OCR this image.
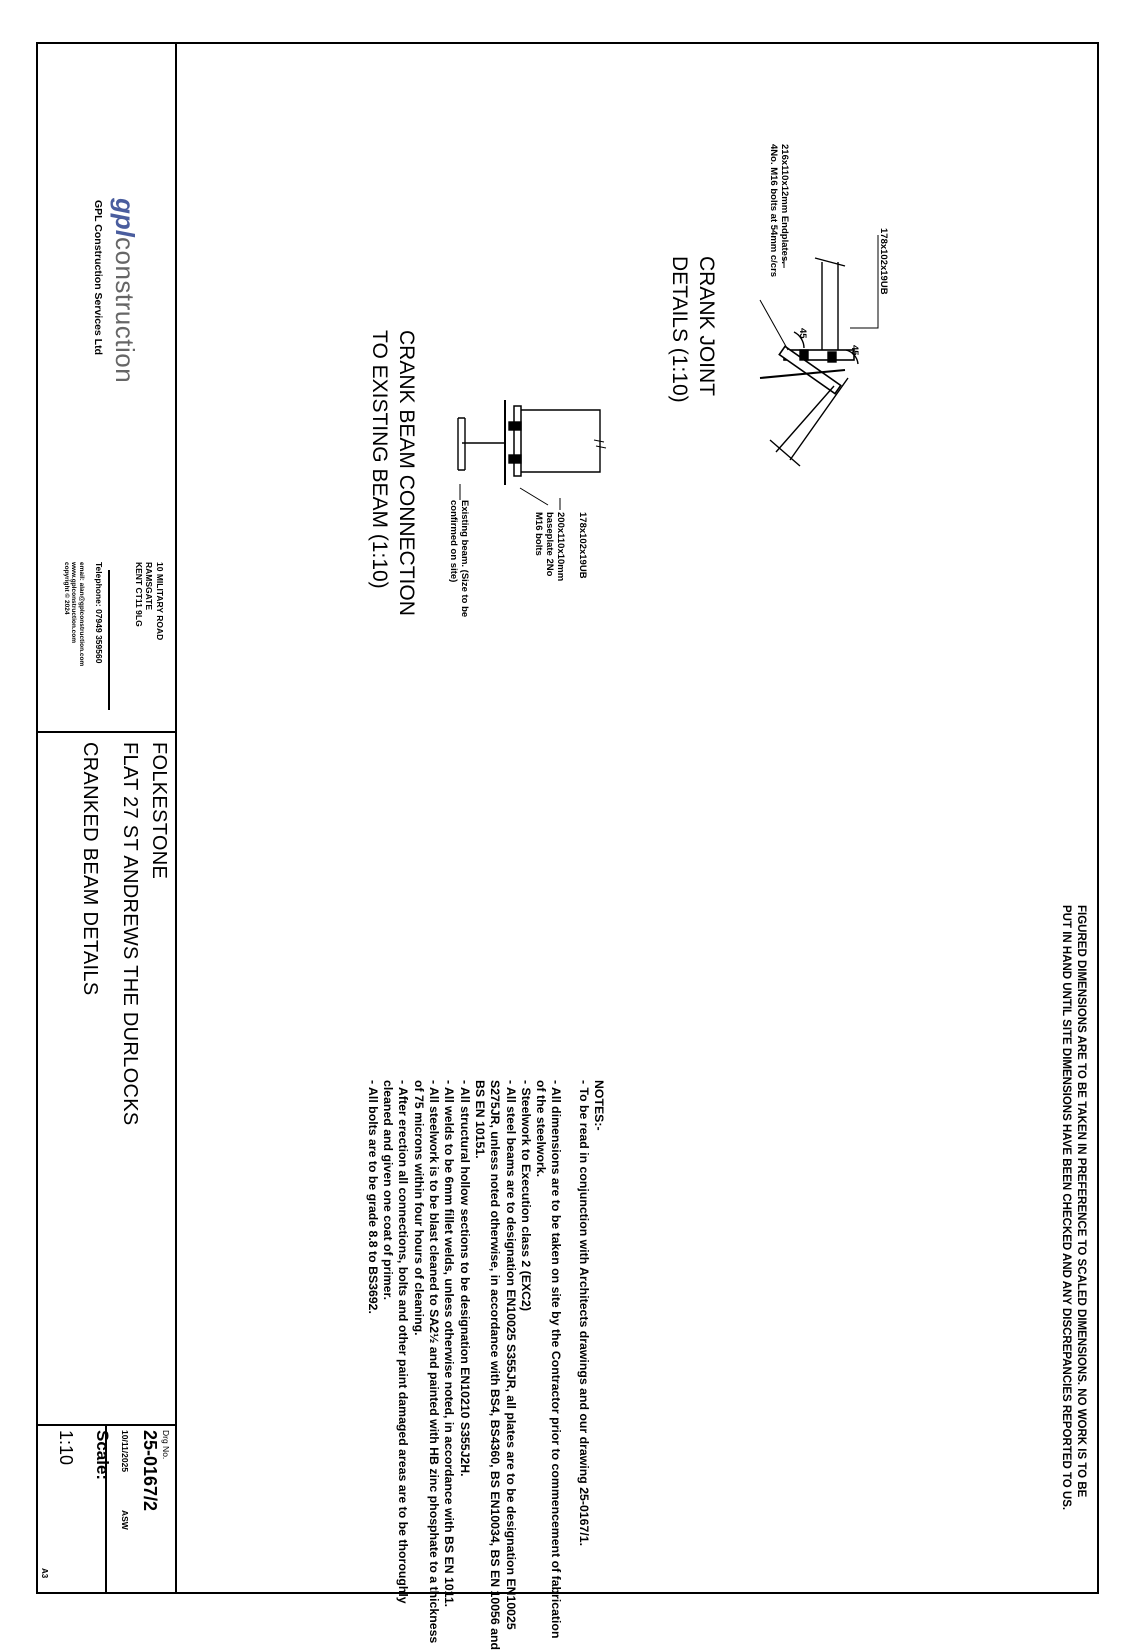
FIGURED DIMENSIONS ARE TO BE TAKEN IN PREFERENCE TO SCALED DIMENSIONS. NO WORK IS TO BE
PUT IN HAND UNTIL SITE DIMENSIONS HAVE BEEN CHECKED AND ANY DISCREPANCIES REPORTED TO US.

NOTES:-

- To be read in conjunction with Architects drawings and our drawing 25-0167/1.

- All dimensions are to be taken on site by the Contractor prior to commencement of fabrication of the steelwork.

- Steelwork to Execution class 2 (EXC2)

- All steel beams are to designation EN10025 S355JR, all plates are to be designation EN10025 S275JR, unless noted otherwise, in accordance with BS4, BS4360, BS EN10034, BS EN 10056 and BS EN 10151.

- All structural hollow sections to be designation EN10210 S355J2H.

- All welds to be 6mm fillet welds, unless otherwise noted, in accordance with BS EN 1011.

- All steelwork is to be blast cleaned to SA2½ and painted with HB zinc phosphate to a thickness of 75 microns within four hours of cleaning.

- After erection all connections, bolts and other paint damaged areas are to be thoroughly cleaned and given one coat of primer.

- All bolts are to be grade 8.8 to BS3692.

178x102x19UB
216x110x12mm Endplates.
4No. M16 bolts at 54mm c/crs
45
45
CRANK JOINT
DETAILS (1:10)
178x102x19UB
200x110x10mm
baseplate 2No
M16 bolts
Existing beam. (Size to be
confirmed on site)
CRANK BEAM CONNECTION
TO EXISTING BEAM (1:10)
gplconstruction
GPL Construction Services Ltd
10 MILITARY ROAD
RAMSGATE
KENT CT11 9LG
Telephone: 07949 359560
email: alan@gplconstruction.com
www.gplconstruction.com
copyright © 2024
FOLKESTONE
FLAT 27 ST ANDREWS THE DURLOCKS
CRANKED BEAM DETAILS
Drg No.
25-0167/2
10/11/2025
ASW
Scale:
1:10
A3
